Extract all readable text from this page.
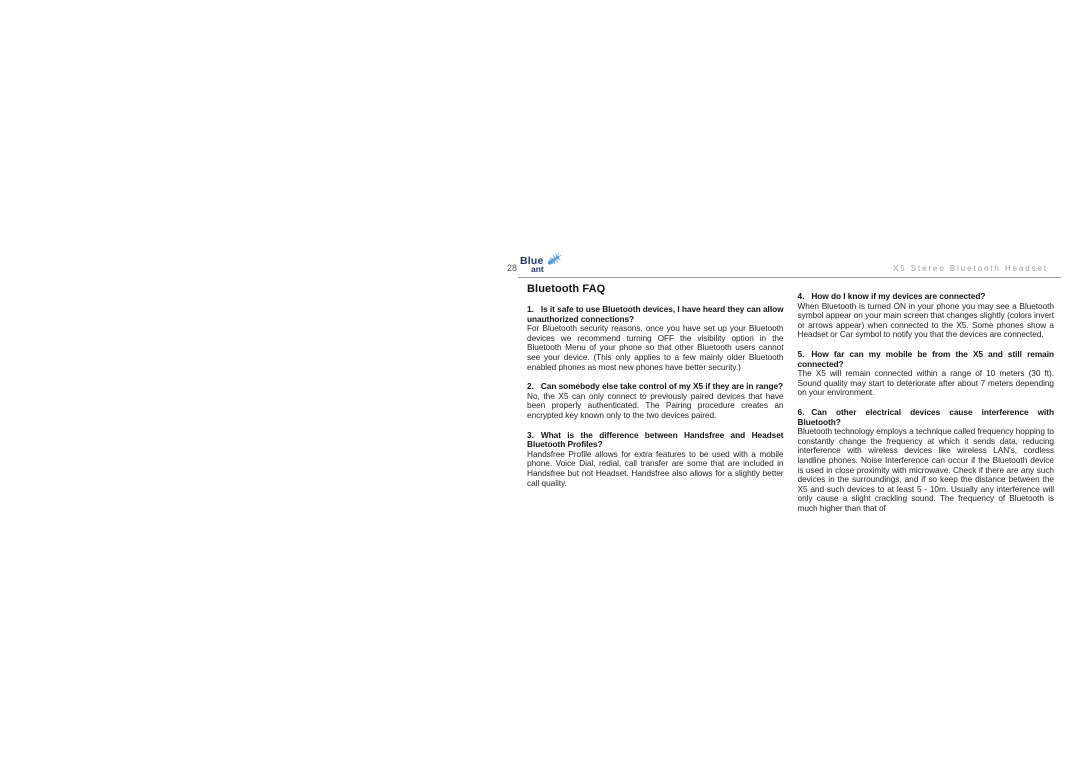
28
Blue
ant	X5 Stereo Bluetooth Headset
Bluetooth FAQ
1. Is it safe to use Bluetooth devices, I have heard they can allow unauthorized connections?
For Bluetooth security reasons, once you have set up your Bluetooth devices we recommend turning OFF the visibility option in the Bluetooth Menu of your phone so that other Bluetooth users cannot see your device. (This only applies to a few mainly older Bluetooth enabled phones as most new phones have better security.)
2. Can somebody else take control of my X5 if they are in range?
No, the X5 can only connect to previously paired devices that have been properly authenticated. The Pairing procedure creates an encrypted key known only to the two devices paired.
3. What is the difference between Handsfree and Headset Bluetooth Profiles?
Handsfree Profile allows for extra features to be used with a mobile phone. Voice Dial, redial, call transfer are some that are included in Handsfree but not Headset. Handsfree also allows for a slightly better call quality.
4. How do I know if my devices are connected?
When Bluetooth is turned ON in your phone you may see a Bluetooth symbol appear on your main screen that changes slightly (colors invert or arrows appear) when connected to the X5. Some phones show a Headset or Car symbol to notify you that the devices are connected.
5. How far can my mobile be from the X5 and still remain connected?
The X5 will remain connected within a range of 10 meters (30 ft). Sound quality may start to deteriorate after about 7 meters depending on your environment.
6. Can other electrical devices cause interference with Bluetooth?
Bluetooth technology employs a technique called frequency hopping to constantly change the frequency at which it sends data, reducing interference with wireless devices like wireless LAN's, cordless landline phones. Noise Interference can occur if the Bluetooth device is used in close proximity with microwave. Check if there are any such devices in the surroundings, and if so keep the distance between the X5 and such devices to at least 5 - 10m. Usually any interference will only cause a slight crackling sound. The frequency of Bluetooth is much higher than that of
